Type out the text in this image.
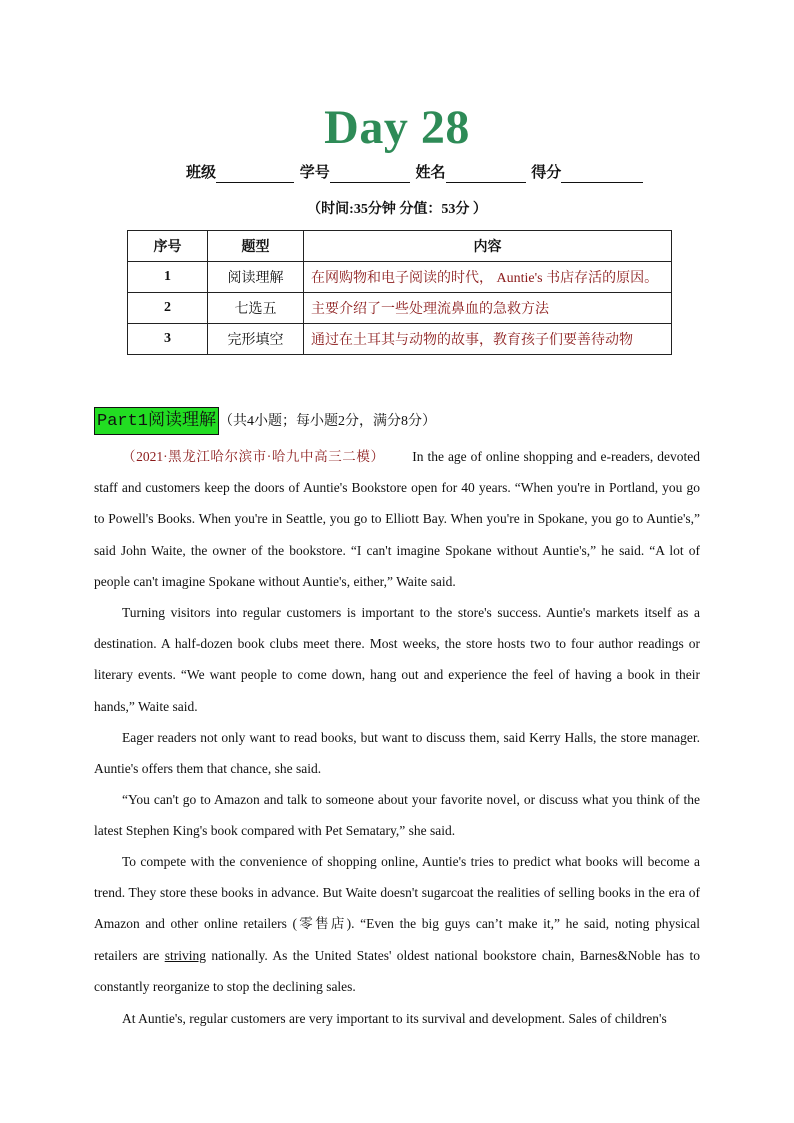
Day 28
班级	学号	姓名	得分
（时间:35分钟 分值：53分 ）
序号	题型	内容
1	阅读理解	在网购物和电子阅读的时代， Auntie's 书店存活的原因。
2	七选五	主要介绍了一些处理流鼻血的急救方法
3	完形填空	通过在土耳其与动物的故事，教育孩子们要善待动物
Part1阅读理解 （共4小题；每小题2分，满分8分）

（2021·黑龙江哈尔滨市·哈九中高三二模） In the age of online shopping and e-readers, devoted staff and customers keep the doors of Auntie's Bookstore open for 40 years. “When you're in Portland, you go to Powell's Books. When you're in Seattle, you go to Elliott Bay. When you're in Spokane, you go to Auntie's,” said John Waite, the owner of the bookstore. “I can't imagine Spokane without Auntie's,” he said. “A lot of people can't imagine Spokane without Auntie's, either,” Waite said.

Turning visitors into regular customers is important to the store's success. Auntie's markets itself as a destination. A half-dozen book clubs meet there. Most weeks, the store hosts two to four author readings or literary events. “We want people to come down, hang out and experience the feel of having a book in their hands,” Waite said.

Eager readers not only want to read books, but want to discuss them, said Kerry Halls, the store manager. Auntie's offers them that chance, she said.

“You can't go to Amazon and talk to someone about your favorite novel, or discuss what you think of the latest Stephen King's book compared with Pet Sematary,” she said.

To compete with the convenience of shopping online, Auntie's tries to predict what books will become a trend. They store these books in advance. But Waite doesn't sugarcoat the realities of selling books in the era of Amazon and other online retailers (零售店). “Even the big guys can’t make it,” he said, noting physical retailers are striving nationally. As the United States' oldest national bookstore chain, Barnes&Noble has to constantly reorganize to stop the declining sales.

At Auntie's, regular customers are very important to its survival and development. Sales of children's
